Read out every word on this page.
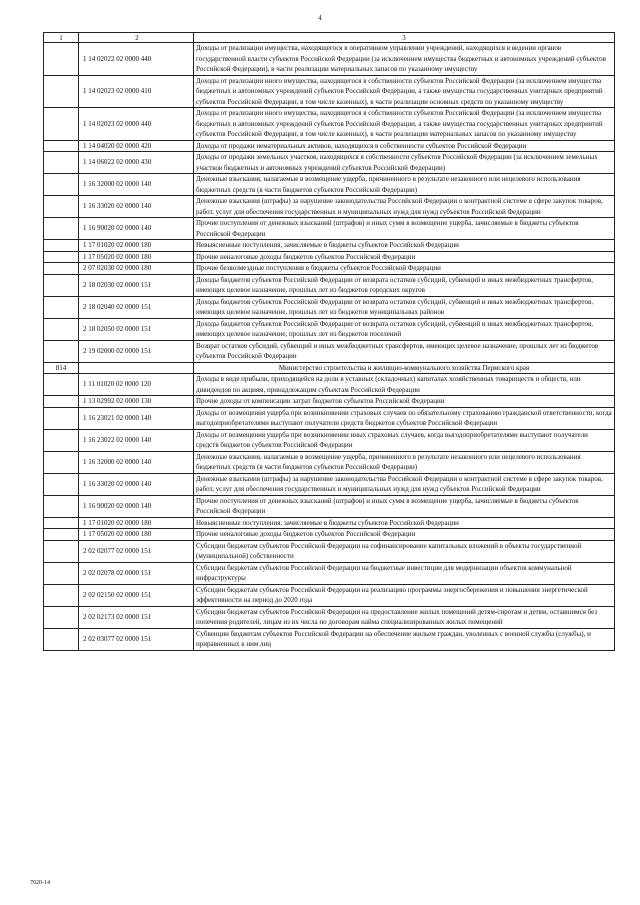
4
1	2	3
	1 14 02022 02 0000 440	Доходы от реализации имущества, находящегося в оперативном управлении учреждений, находящихся в ведении органов государственной власти субъектов Российской Федерации (за исключением имущества бюджетных и автономных учреждений субъектов Российской Федерации), в части реализации материальных запасов по указанному имуществу
	1 14 02023 02 0000 410	Доходы от реализации иного имущества, находящегося в собственности субъектов Российской Федерации (за исключением имущества бюджетных и автономных учреждений субъектов Российской Федерации, а также имущества государственных унитарных предприятий субъектов Российской Федерации, в том числе казенных), в части реализации основных средств по указанному имуществу
	1 14 02023 02 0000 440	Доходы от реализации иного имущества, находящегося в собственности субъектов Российской Федерации (за исключением имущества бюджетных и автономных учреждений субъектов Российской Федерации, а также имущества государственных унитарных предприятий субъектов Российской Федерации, в том числе казенных), в части реализации материальных запасов по указанному имуществу
	1 14 04020 02 0000 420	Доходы от продажи нематериальных активов, находящихся в собственности субъектов Российской Федерации
	1 14 06022 02 0000 430	Доходы от продажи земельных участков, находящихся в собственности субъектов Российской Федерации (за исключением земельных участков бюджетных и автономных учреждений субъектов Российской Федерации)
	1 16 32000 02 0000 140	Денежные взыскания, налагаемые в возмещение ущерба, причиненного в результате незаконного или нецелевого использования бюджетных средств (в части бюджетов субъектов Российской Федерации)
	1 16 33020 02 0000 140	Денежные взыскания (штрафы) за нарушение законодательства Российской Федерации о контрактной системе в сфере закупок товаров, работ, услуг для обеспечения государственных и муниципальных нужд для нужд субъектов Российской Федерации
	1 16 90020 02 0000 140	Прочие поступления от денежных взысканий (штрафов) и иных сумм в возмещение ущерба, зачисляемые в бюджеты субъектов Российской Федерации
	1 17 01020 02 0000 180	Невыясненные поступления, зачисляемые в бюджеты субъектов Российской Федерации
	1 17 05020 02 0000 180	Прочие неналоговые доходы бюджетов субъектов Российской Федерации
	2 07 02030 02 0000 180	Прочие безвозмездные поступления в бюджеты субъектов Российской Федерации
	2 18 02030 02 0000 151	Доходы бюджетов субъектов Российской Федерации от возврата остатков субсидий, субвенций и иных межбюджетных трансфертов, имеющих целевое назначение, прошлых лет из бюджетов городских округов
	2 18 02040 02 0000 151	Доходы бюджетов субъектов Российской Федерации от возврата остатков субсидий, субвенций и иных межбюджетных трансфертов, имеющих целевое назначение, прошлых лет из бюджетов муниципальных районов
	2 18 02050 02 0000 151	Доходы бюджетов субъектов Российской Федерации от возврата остатков субсидий, субвенций и иных межбюджетных трансфертов, имеющих целевое назначение, прошлых лет из бюджетов поселений
	2 19 02000 02 0000 151	Возврат остатков субсидий, субвенций и иных межбюджетных трансфертов, имеющих целевое назначение, прошлых лет из бюджетов субъектов Российской Федерации
814		Министерство строительства и жилищно-коммунального хозяйства Пермского края
	1 11 01020 02 0000 120	Доходы в виде прибыли, приходящейся на доли в уставных (складочных) капиталах хозяйственных товариществ и обществ, или дивидендов по акциям, принадлежащим субъектам Российской Федерации
	1 13 02992 02 0000 130	Прочие доходы от компенсации затрат бюджетов субъектов Российской Федерации
	1 16 23021 02 0000 140	Доходы от возмещения ущерба при возникновении страховых случаев по обязательному страхованию гражданской ответственности, когда выгодоприобретателями выступают получатели средств бюджетов субъектов Российской Федерации
	1 16 23022 02 0000 140	Доходы от возмещения ущерба при возникновении иных страховых случаев, когда выгодоприобретателями выступают получатели средств бюджетов субъектов Российской Федерации
	1 16 32000 02 0000 140	Денежные взыскания, налагаемые в возмещение ущерба, причиненного в результате незаконного или нецелевого использования бюджетных средств (в части бюджетов субъектов Российской Федерации)
	1 16 33020 02 0000 140	Денежные взыскания (штрафы) за нарушение законодательства Российской Федерации о контрактной системе в сфере закупок товаров, работ, услуг для обеспечения государственных и муниципальных нужд для нужд субъектов Российской Федерации
	1 16 90020 02 0000 140	Прочие поступления от денежных взысканий (штрафов) и иных сумм в возмещение ущерба, зачисляемые в бюджеты субъектов Российской Федерации
	1 17 01020 02 0000 180	Невыясненные поступления, зачисляемые в бюджеты субъектов Российской Федерации
	1 17 05020 02 0000 180	Прочие неналоговые доходы бюджетов субъектов Российской Федерации
	2 02 02077 02 0000 151	Субсидии бюджетам субъектов Российской Федерации на софинансирование капитальных вложений в объекты государственной (муниципальной) собственности
	2 02 02078 02 0000 151	Субсидии бюджетам субъектов Российской Федерации на бюджетные инвестиции для модернизации объектов коммунальной инфраструктуры
	2 02 02150 02 0000 151	Субсидии бюджетам субъектов Российской Федерации на реализацию программы энергосбережения и повышения энергетической эффективности на период до 2020 года
	2 02 02173 02 0000 151	Субсидии бюджетам субъектов Российской Федерации на предоставление жилых помещений детям-сиротам и детям, оставшимся без попечения родителей, лицам из их числа по договорам найма специализированных жилых помещений
	2 02 03077 02 0000 151	Субвенции бюджетам субъектов Российской Федерации на обеспечение жильем граждан, уволенных с военной службы (службы), и приравненных к ним лиц
7020-14
